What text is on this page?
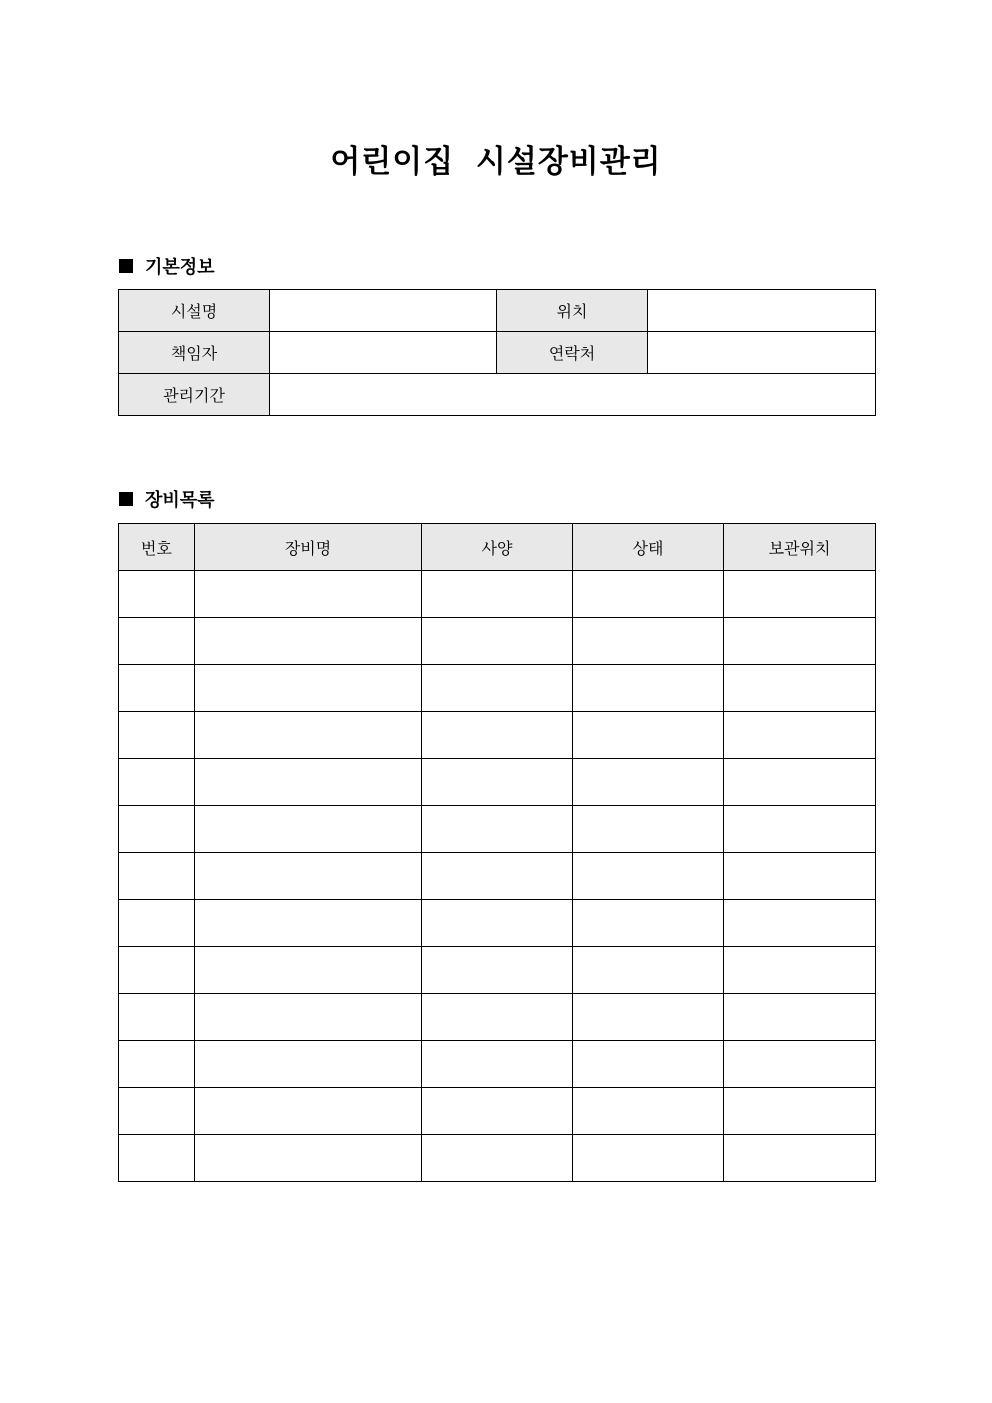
어린이집 시설장비관리
기본정보
시설명		위치	
책임자		연락처	
관리기간			
장비목록
번호	장비명	사양	상태	보관위치
